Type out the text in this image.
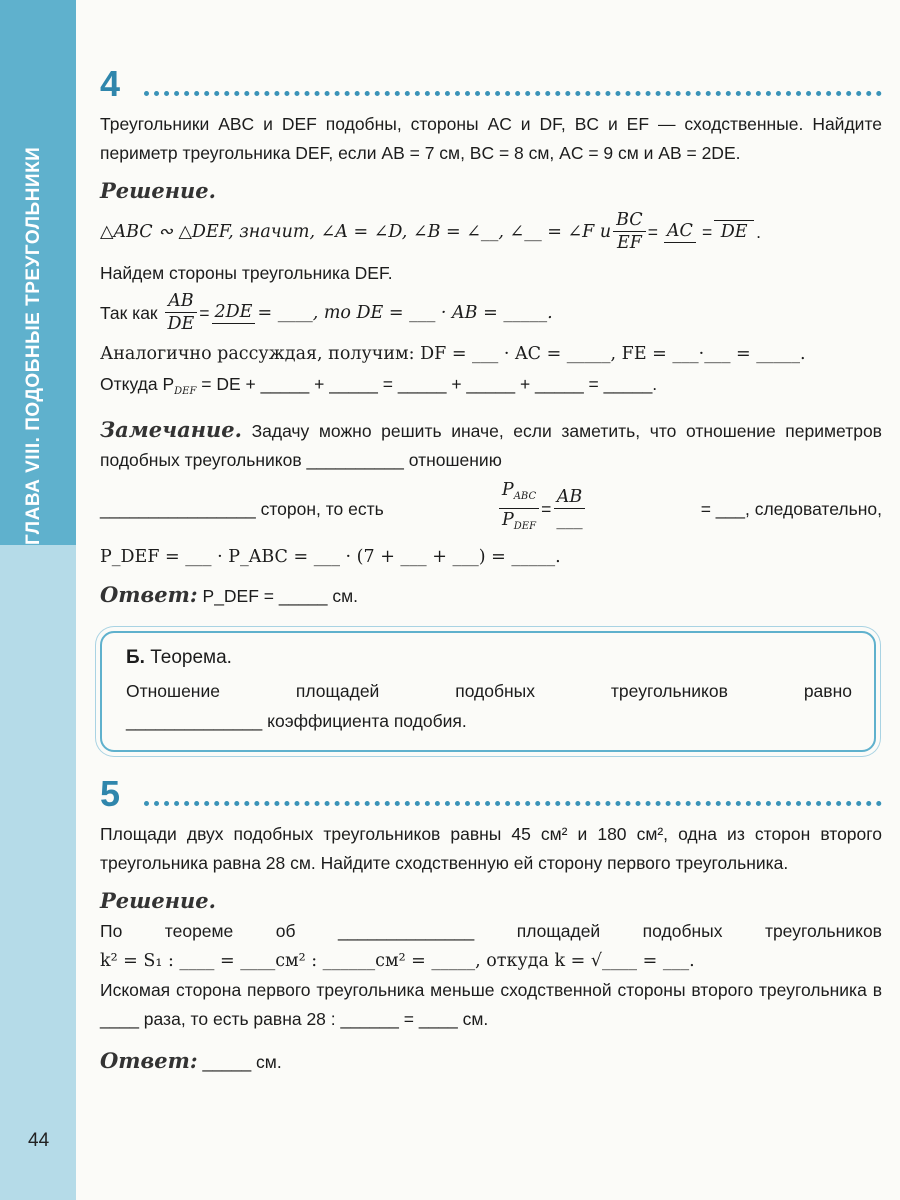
ГЛАВА VIII. ПОДОБНЫЕ ТРЕУГОЛЬНИКИ
44
4

Треугольники ABC и DEF подобны, стороны AC и DF, BC и EF — сходственные. Найдите периметр треугольника DEF, если AB = 7 см, BC = 8 см, AC = 9 см и AB = 2DE.

Решение.
△ABC ∾ △DEF, значит, ∠A = ∠D, ∠B = ∠__, ∠__ = ∠F и $\frac{BC}{EF}$ = AC = DE .
Найдем стороны треугольника DEF.
Так как
$\frac{AB}{DE} = 2DE$ = ____, то DE = ___ · AB = _____.
Аналогично рассуждая, получим: DF = ___ · AC = _____, FE = ___·___ = _____.
Откуда $P_{DEF}$ = DE + _____ + _____ = _____ + _____ + _____ = _____.
Замечание. Задачу можно решить иначе, если заметить, что отношение периметров подобных треугольников __________ отношению
________________ сторон, то есть	$\frac{P_{ABC}}{P_{DEF}} = \frac{AB}{\_\_\_}$	= ___, следовательно,
P_DEF = ___ · P_ABC = ___ · (7 + ___ + ___) = _____.
Ответ: P_DEF = _____ см.
Б. Теорема.
Отношение	площадей	подобных	треугольников	равно
______________ коэффициента подобия.
5

Площади двух подобных треугольников равны 45 см² и 180 см², одна из сторон второго треугольника равна 28 см. Найдите сходственную ей сторону первого треугольника.

Решение.
По теореме об ______________ площадей подобных треугольников
k² = S₁ : ____ = ____см² : ______см² = _____, откуда k = √____ = ___.

Искомая сторона первого треугольника меньше сходственной стороны второго треугольника в ____ раза, то есть равна 28 : ______ = ____ см.

Ответ: _____ см.
